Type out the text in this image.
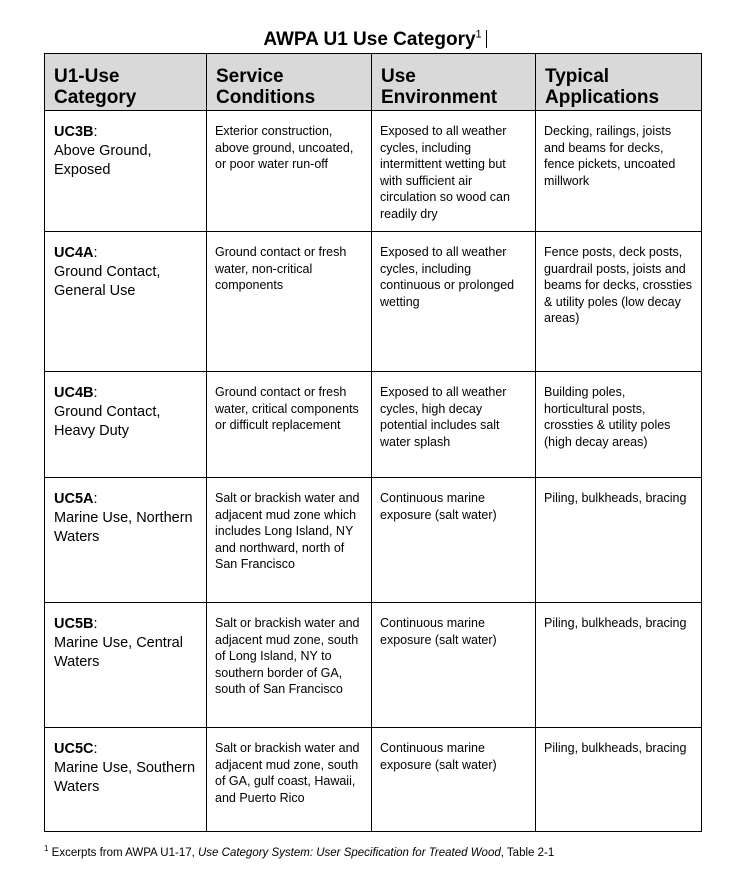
AWPA U1 Use Category$^1$
U1-Use Category	Service Conditions	Use Environment	Typical Applications
UC3B:
Above Ground, Exposed	Exterior construction, above ground, uncoated, or poor water run-off	Exposed to all weather cycles, including intermittent wetting but with sufficient air circulation so wood can readily dry	Decking, railings, joists and beams for decks, fence pickets, uncoated millwork
UC4A:
Ground Contact, General Use	Ground contact or fresh water, non-critical components	Exposed to all weather cycles, including continuous or prolonged wetting	Fence posts, deck posts, guardrail posts, joists and beams for decks, crossties & utility poles (low decay areas)
UC4B:
Ground Contact, Heavy Duty	Ground contact or fresh water, critical components or difficult replacement	Exposed to all weather cycles, high decay potential includes salt water splash	Building poles, horticultural posts, crossties & utility poles (high decay areas)
UC5A:
Marine Use, Northern Waters	Salt or brackish water and adjacent mud zone which includes Long Island, NY and northward, north of San Francisco	Continuous marine exposure (salt water)	Piling, bulkheads, bracing
UC5B:
Marine Use, Central Waters	Salt or brackish water and adjacent mud zone, south of Long Island, NY to southern border of GA, south of San Francisco	Continuous marine exposure (salt water)	Piling, bulkheads, bracing
UC5C:
Marine Use, Southern Waters	Salt or brackish water and adjacent mud zone, south of GA, gulf coast, Hawaii, and Puerto Rico	Continuous marine exposure (salt water)	Piling, bulkheads, bracing
$^1$ Excerpts from AWPA U1-17, Use Category System: User Specification for Treated Wood, Table 2-1
